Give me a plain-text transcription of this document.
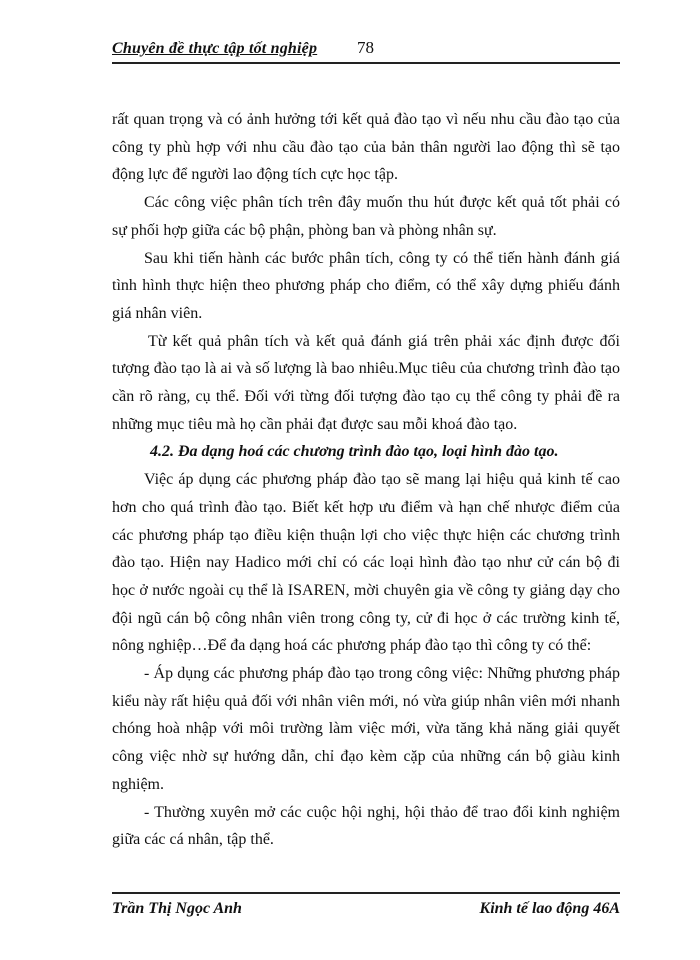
Chuyên đề thực tập tốt nghiệp 78

rất quan trọng và có ảnh hưởng tới kết quả đào tạo vì nếu nhu cầu đào tạo của công ty phù hợp với nhu cầu đào tạo của bản thân người lao động thì sẽ tạo động lực để người lao động tích cực học tập.

Các công việc phân tích trên đây muốn thu hút được kết quả tốt phải có sự phối hợp giữa các bộ phận, phòng ban và phòng nhân sự.

Sau khi tiến hành các bước phân tích, công ty có thể tiến hành đánh giá tình hình thực hiện theo phương pháp cho điểm, có thể xây dựng phiếu đánh giá nhân viên.

Từ kết quả phân tích và kết quả đánh giá trên phải xác định được đối tượng đào tạo là ai và số lượng là bao nhiêu.Mục tiêu của chương trình đào tạo cần rõ ràng, cụ thể. Đối với từng đối tượng đào tạo cụ thể công ty phải đề ra những mục tiêu mà họ cần phải đạt được sau mỗi khoá đào tạo.

4.2. Đa dạng hoá các chương trình đào tạo, loại hình đào tạo.

Việc áp dụng các phương pháp đào tạo sẽ mang lại hiệu quả kinh tế cao hơn cho quá trình đào tạo. Biết kết hợp ưu điểm và hạn chế nhược điểm của các phương pháp tạo điều kiện thuận lợi cho việc thực hiện các chương trình đào tạo. Hiện nay Hadico mới chỉ có các loại hình đào tạo như cử cán bộ đi học ở nước ngoài cụ thể là ISAREN, mời chuyên gia về công ty giảng dạy cho đội ngũ cán bộ công nhân viên trong công ty, cử đi học ở các trường kinh tế, nông nghiệp…Để đa dạng hoá các phương pháp đào tạo thì công ty có thể:

- Áp dụng các phương pháp đào tạo trong công việc: Những phương pháp kiểu này rất hiệu quả đối với nhân viên mới, nó vừa giúp nhân viên mới nhanh chóng hoà nhập với môi trường làm việc mới, vừa tăng khả năng giải quyết công việc nhờ sự hướng dẫn, chỉ đạo kèm cặp của những cán bộ giàu kinh nghiệm.

- Thường xuyên mở các cuộc hội nghị, hội thảo để trao đổi kinh nghiệm giữa các cá nhân, tập thể.

Trần Thị Ngọc Anh	Kinh tế lao động 46A
